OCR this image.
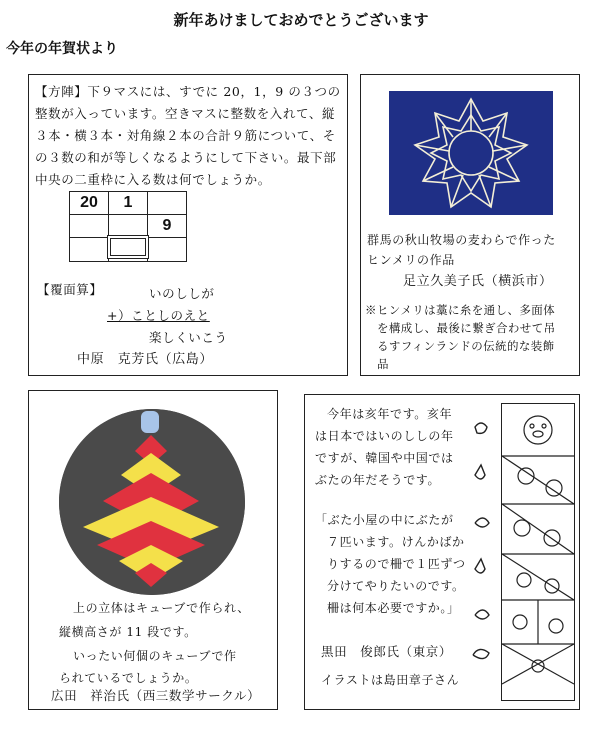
新年あけましておめでとうございます
今年の年賀状より
【方陣】下９マスには、すでに 20，1，9 の３つの
整数が入っています。空きマスに整数を入れて、縦
３本・横３本・対角線２本の合計９筋について、そ
の３数の和が等しくなるようにして下さい。最下部
中央の二重枠に入る数は何でしょうか。
20	1	
		9

【覆面算】	いのししが
+）ことしのえと
楽しくいこう
中原　克芳氏（広島）
群馬の秋山牧場の麦わらで作った
ヒンメリの作品
足立久美子氏（横浜市）
※ヒンメリは藁に糸を通し、多面体
を構成し、最後に繋ぎ合わせて吊
るすフィンランドの伝統的な装飾
品
上の立体はキューブで作られ、
縦横高さが 11 段です。
いったい何個のキューブで作
られているでしょうか。
広田　祥治氏（西三数学サークル）
今年は亥年です。亥年
は日本ではいのししの年
ですが、韓国や中国では
ぶたの年だそうです。
「ぶた小屋の中にぶたが
７匹います。けんかばか
りするので柵で１匹ずつ
分けてやりたいのです。
柵は何本必要ですか。」
黒田　俊郎氏（東京）
イラストは島田章子さん
